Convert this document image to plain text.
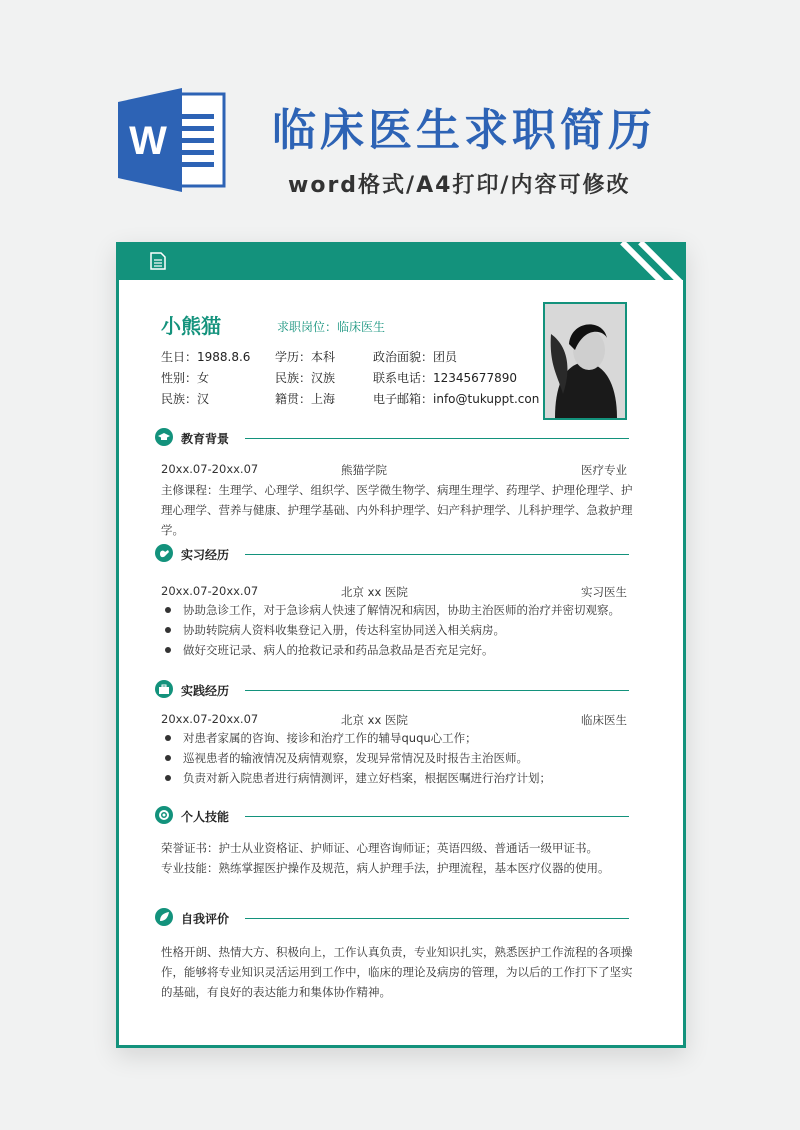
W 临床医生求职简历
word格式/A4打印/内容可修改
小熊猫	求职岗位：临床医生
生日：1988.8.6 学历：本科	政治面貌：团员
性别：女	民族：汉族	联系电话：12345677890
民族：汉	籍贯：上海	电子邮箱：info@tukuppt.con
教育背景
20xx.07-20xx.07	熊猫学院	医疗专业
主修课程：生理学、心理学、组织学、医学微生物学、病理生理学、药理学、护理伦理学、护理心理学、营养与健康、护理学基础、内外科护理学、妇产科护理学、儿科护理学、急救护理学。
实习经历
20xx.07-20xx.07	北京 xx 医院	实习医生
协助急诊工作，对于急诊病人快速了解情况和病因，协助主治医师的治疗并密切观察。
协助转院病人资料收集登记入册，传达科室协同送入相关病房。
做好交班记录、病人的抢救记录和药品急救品是否充足完好。
实践经历
20xx.07-20xx.07	北京 xx 医院	临床医生
对患者家属的咨询、接诊和治疗工作的辅导ququ心工作；
巡视患者的输液情况及病情观察，发现异常情况及时报告主治医师。
负责对新入院患者进行病情测评，建立好档案，根据医嘱进行治疗计划；
个人技能
荣誉证书：护士从业资格证、护师证、心理咨询师证；英语四级、普通话一级甲证书。
专业技能：熟练掌握医护操作及规范，病人护理手法，护理流程，基本医疗仪器的使用。
自我评价
性格开朗、热情大方、积极向上，工作认真负责，专业知识扎实，熟悉医护工作流程的各项操作，能够将专业知识灵活运用到工作中，临床的理论及病房的管理，为以后的工作打下了坚实的基础，有良好的表达能力和集体协作精神。
